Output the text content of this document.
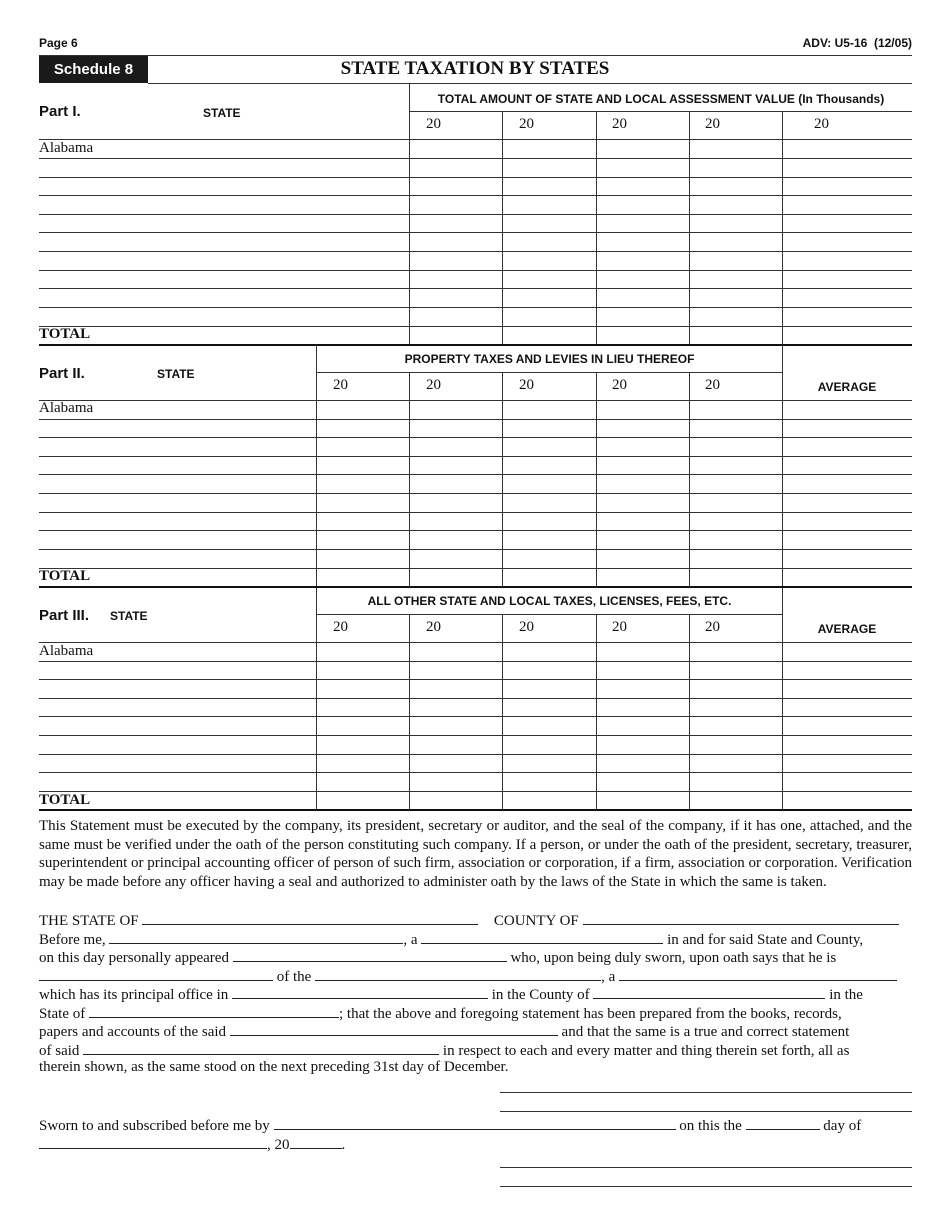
Page 6	ADV: U5-16  (12/05)
Schedule 8	STATE TAXATION BY STATES
Part I.	STATE
TOTAL AMOUNT OF STATE AND LOCAL ASSESSMENT VALUE (In Thousands)
20	20	20	20	20
Alabama
TOTAL
Part II.	STATE
PROPERTY TAXES AND LEVIES IN LIEU THEREOF
20	20	20	20	20	AVERAGE
Alabama
TOTAL
Part III. STATE
ALL OTHER STATE AND LOCAL TAXES, LICENSES, FEES, ETC.
20	20	20	20	20	AVERAGE
Alabama
TOTAL
This Statement must be executed by the company, its president, secretary or auditor, and the seal of the company, if it has one, attached, and the same must be verified under the oath of the person constituting such company. If a person, or under the oath of the president, secretary, treasurer, superintendent or principal accounting officer of person of such firm, association or corporation, if a firm, association or corporation. Verification may be made before any officer having a seal and authorized to administer oath by the laws of the State in which the same is taken.
THE STATE OF	COUNTY OF
Before me,	, a	in and for said State and County,
on this day personally appeared	who, upon being duly sworn, upon oath says that he is
of the	, a
which has its principal office in	in the County of	in the
State of	; that the above and foregoing statement has been prepared from the books, records,
papers and accounts of the said	and that the same is a true and correct statement
of said	in respect to each and every matter and thing therein set forth, all as
therein shown, as the same stood on the next preceding 31st day of December.
Sworn to and subscribed before me by	on this the	day of
, 20	.
